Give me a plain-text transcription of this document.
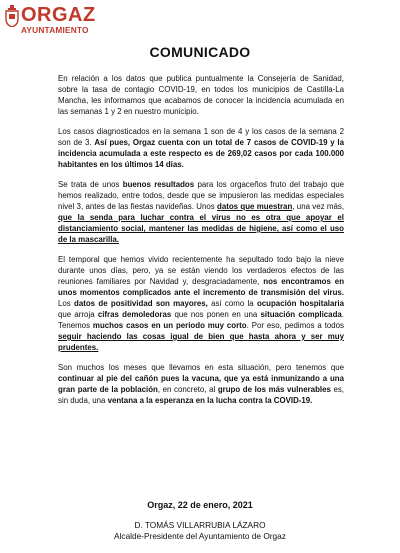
ORGAZ
AYUNTAMIENTO
COMUNICADO

En relación a los datos que publica puntualmente la Consejería de Sanidad, sobre la tasa de contagio COVID-19, en todos los municipios de Castilla-La Mancha, les informamos que acabamos de conocer la incidencia acumulada en las semanas 1 y 2 en nuestro municipio.

Los casos diagnosticados en la semana 1 son de 4 y los casos de la semana 2 son de 3. Así pues, Orgaz cuenta con un total de 7 casos de COVID-19 y la incidencia acumulada a este respecto es de 269,02 casos por cada 100.000 habitantes en los últimos 14 días.

Se trata de unos buenos resultados para los orgaceños fruto del trabajo que hemos realizado, entre todos, desde que se impusieron las medidas especiales nivel 3, antes de las fiestas navideñas. Unos datos que muestran, una vez más, que la senda para luchar contra el virus no es otra que apoyar el distanciamiento social, mantener las medidas de higiene, así como el uso de la mascarilla.

El temporal que hemos vivido recientemente ha sepultado todo bajo la nieve durante unos días, pero, ya se están viendo los verdaderos efectos de las reuniones familiares por Navidad y, desgraciadamente, nos encontramos en unos momentos complicados ante el incremento de transmisión del virus. Los datos de positividad son mayores, así como la ocupación hospitalaria que arroja cifras demoledoras que nos ponen en una situación complicada. Tenemos muchos casos en un periodo muy corto. Por eso, pedimos a todos seguir haciendo las cosas igual de bien que hasta ahora y ser muy prudentes.

Son muchos los meses que llevamos en esta situación, pero tenemos que continuar al pie del cañón pues la vacuna, que ya está inmunizando a una gran parte de la población, en concreto, al grupo de los más vulnerables es, sin duda, una ventana a la esperanza en la lucha contra la COVID-19.

Orgaz, 22 de enero, 2021
D. TOMÁS VILLARRUBIA LÁZARO
Alcalde-Presidente del Ayuntamiento de Orgaz
